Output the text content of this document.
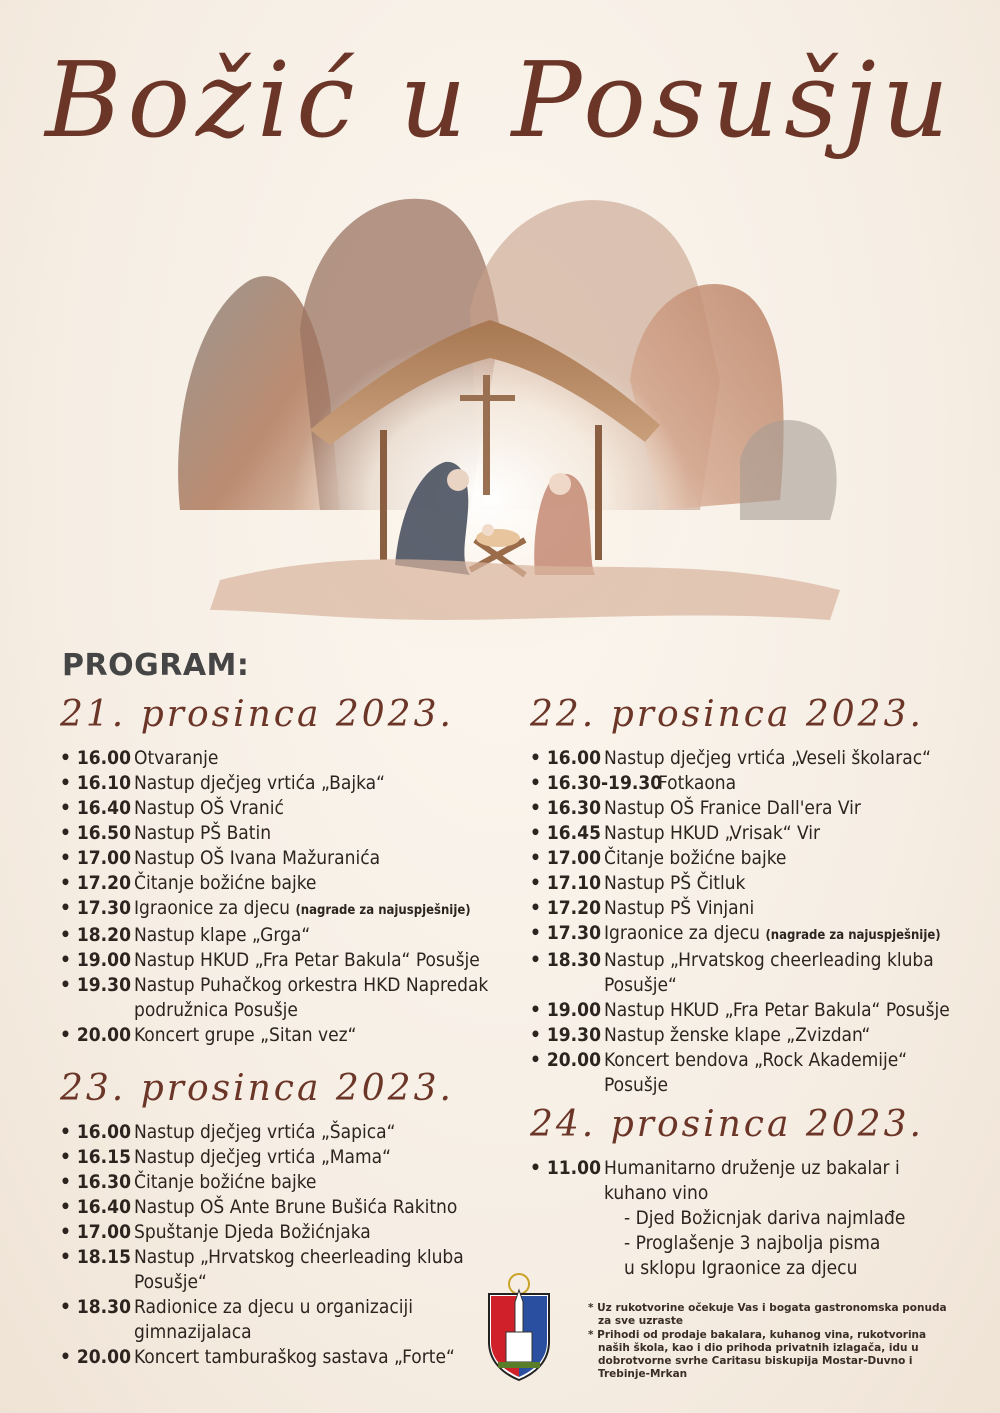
Božić u Posušju
PROGRAM:
21. prosinca 2023.
• 16.00 Otvaranje
• 16.10 Nastup dječjeg vrtića „Bajka“
• 16.40 Nastup OŠ Vranić
• 16.50 Nastup PŠ Batin
• 17.00 Nastup OŠ Ivana Mažuranića
• 17.20 Čitanje božićne bajke
• 17.30 Igraonice za djecu (nagrade za najuspješnije)
• 18.20 Nastup klape „Grga“
• 19.00 Nastup HKUD „Fra Petar Bakula“ Posušje
• 19.30 Nastup Puhačkog orkestra HKD Napredak podružnica Posušje
• 20.00 Koncert grupe „Sitan vez“
22. prosinca 2023.
• 16.00 Nastup dječjeg vrtića „Veseli školarac“
• 16.30-19.30
Fotkaona
• 16.30 Nastup OŠ Franice Dall'era Vir
• 16.45 Nastup HKUD „Vrisak“ Vir
• 17.00 Čitanje božićne bajke
• 17.10 Nastup PŠ Čitluk
• 17.20 Nastup PŠ Vinjani
• 17.30 Igraonice za djecu (nagrade za najuspješnije)
• 18.30 Nastup „Hrvatskog cheerleading kluba Posušje“
• 19.00 Nastup HKUD „Fra Petar Bakula“ Posušje
• 19.30 Nastup ženske klape „Zvizdan“
• 20.00 Koncert bendova „Rock Akademije“ Posušje
23. prosinca 2023.
• 16.00 Nastup dječjeg vrtića „Šapica“
• 16.15 Nastup dječjeg vrtića „Mama“
• 16.30 Čitanje božićne bajke
• 16.40 Nastup OŠ Ante Brune Bušića Rakitno
• 17.00 Spuštanje Djeda Božićnjaka
• 18.15 Nastup „Hrvatskog cheerleading kluba Posušje“
• 18.30 Radionice za djecu u organizaciji gimnazijalaca
• 20.00 Koncert tamburaškog sastava „Forte“
24. prosinca 2023.
• 11.00 Humanitarno druženje uz bakalar i kuhano vino
- Djed Božicnjak dariva najmlađe
- Proglašenje 3 najbolja pisma
u sklopu Igraonice za djecu
* Uz rukotvorine očekuje Vas i bogata gastronomska ponuda za sve uzraste
* Prihodi od prodaje bakalara, kuhanog vina, rukotvorina naših škola, kao i dio prihoda privatnih izlagača, idu u dobrotvorne svrhe Caritasu biskupija Mostar-Duvno i Trebinje-Mrkan
